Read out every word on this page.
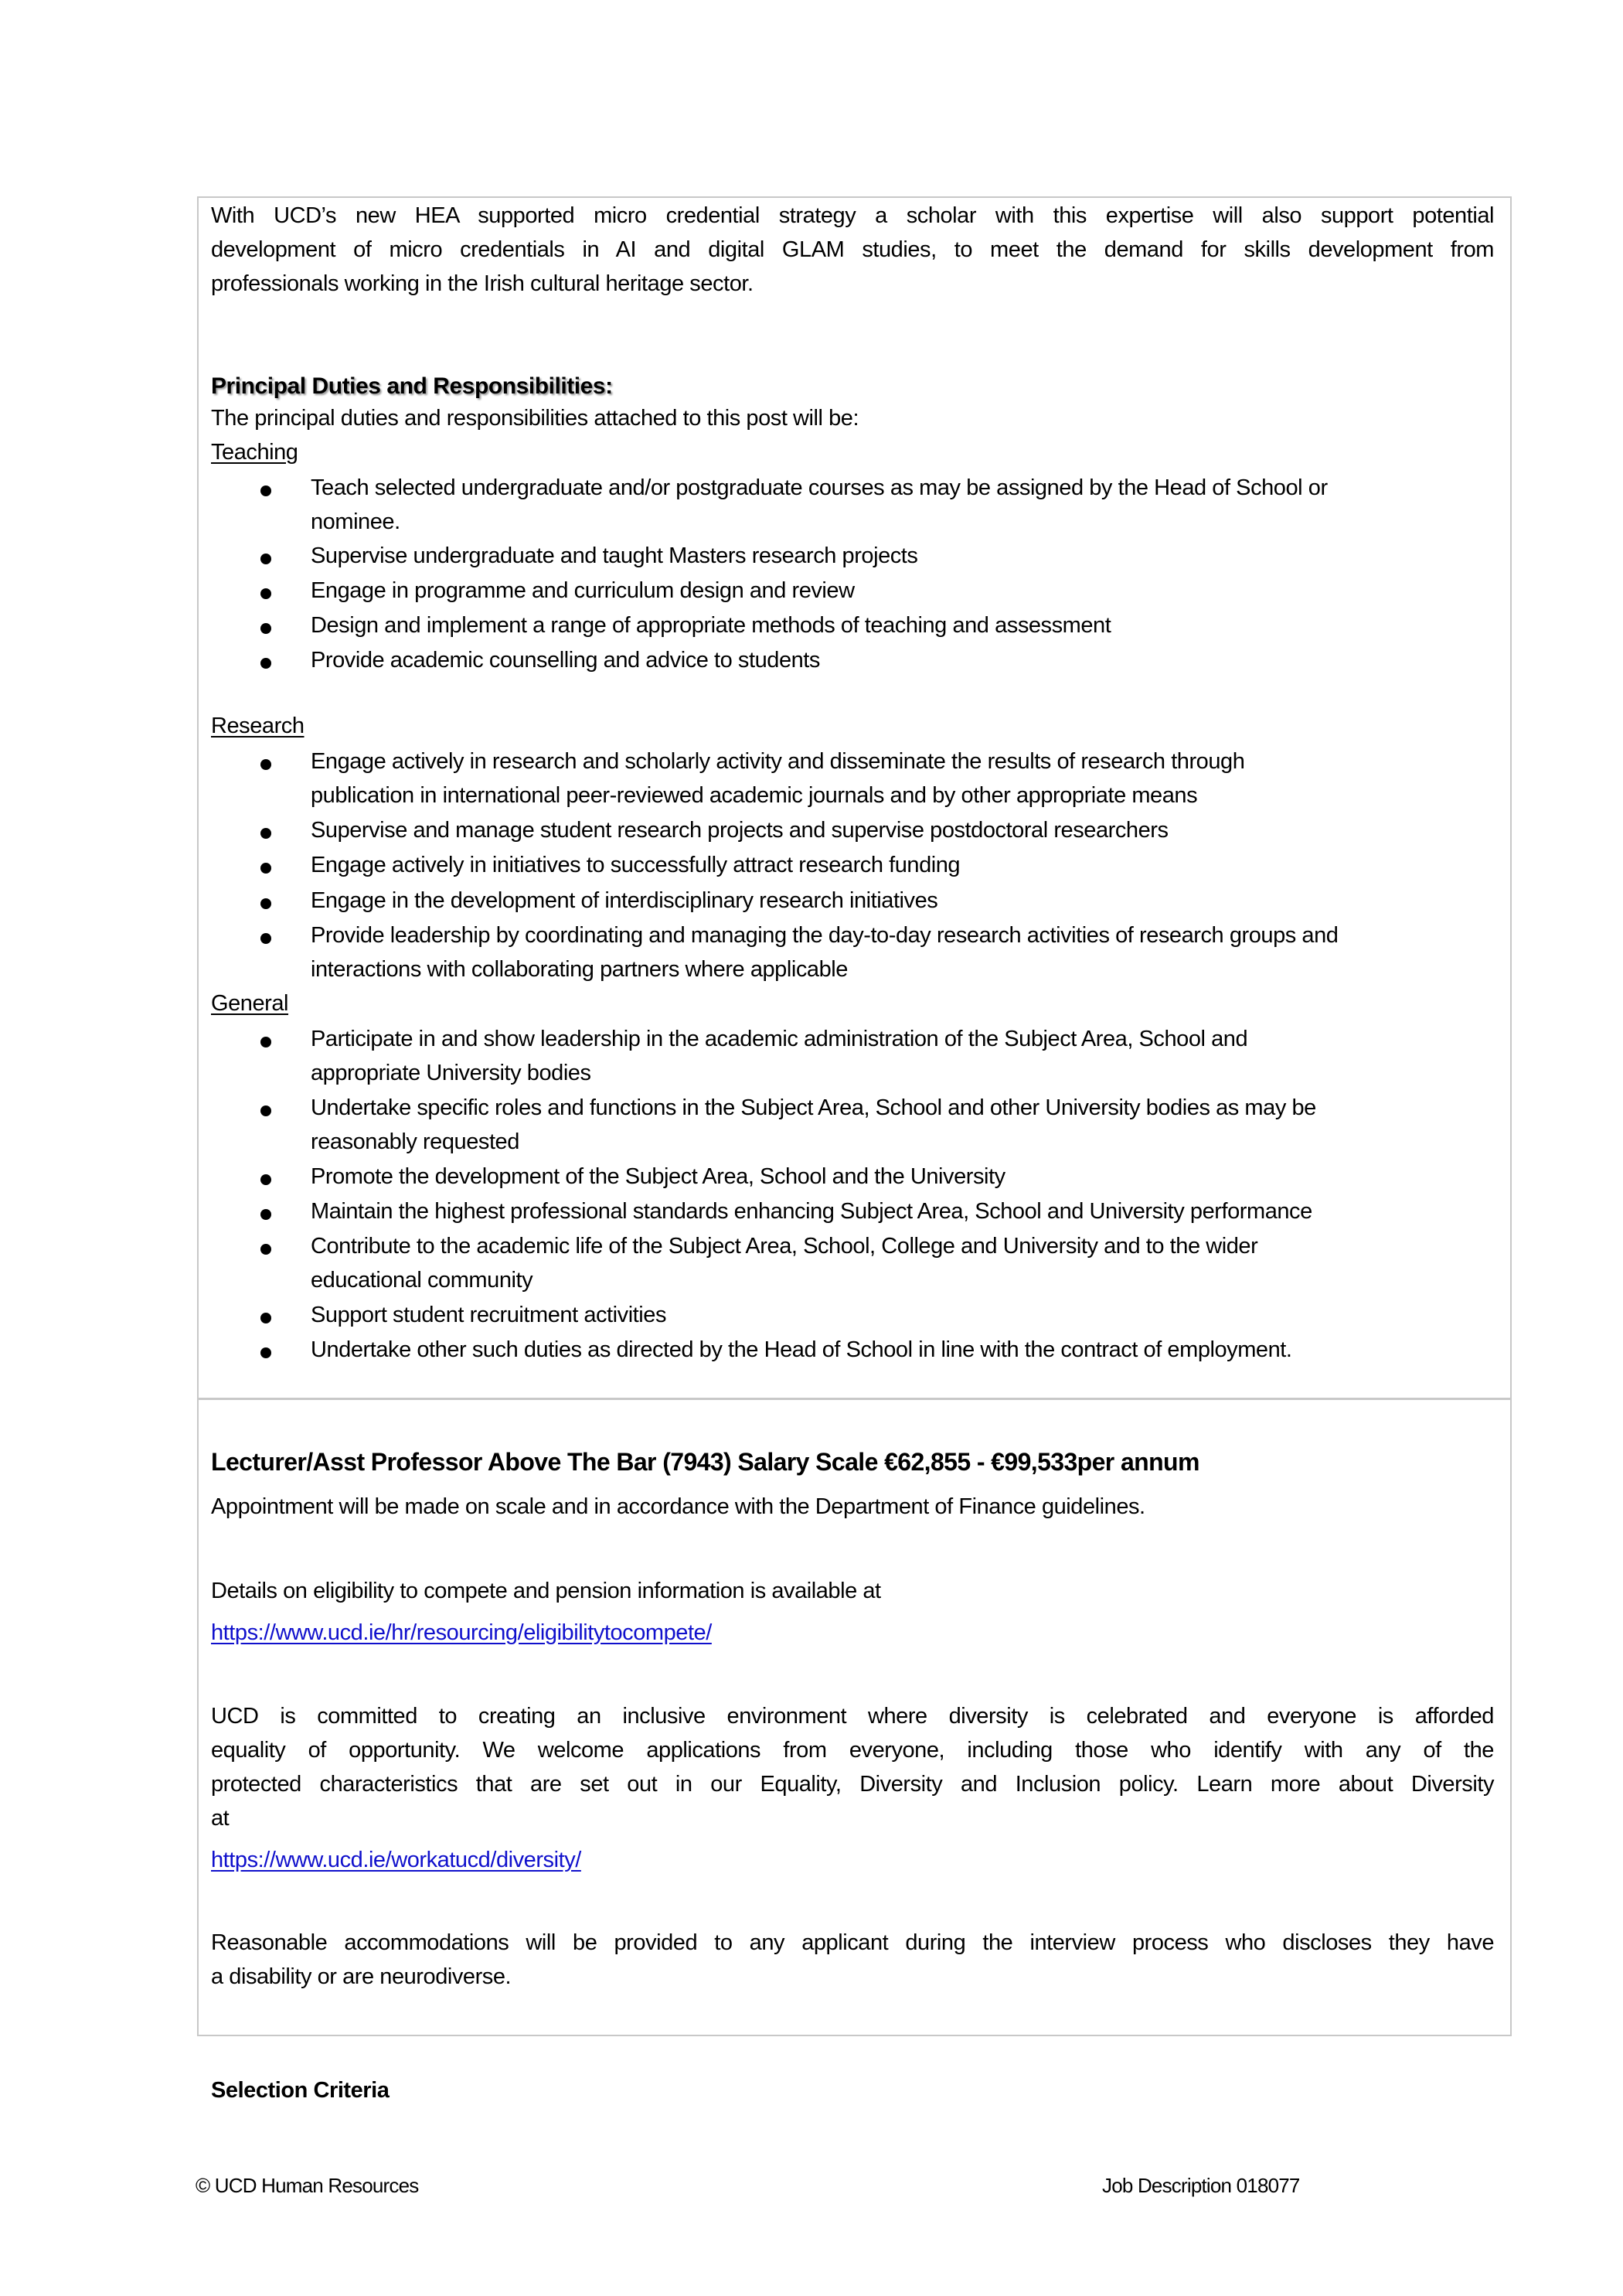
With UCD’s new HEA supported micro credential strategy a scholar with this expertise will also support potential
development of micro credentials in AI and digital GLAM studies, to meet the demand for skills development from
professionals working in the Irish cultural heritage sector.
Principal Duties and Responsibilities:
The principal duties and responsibilities attached to this post will be:
Teaching
Teach selected undergraduate and/or postgraduate courses as may be assigned by the Head of School or
nominee.
Supervise undergraduate and taught Masters research projects
Engage in programme and curriculum design and review
Design and implement a range of appropriate methods of teaching and assessment
Provide academic counselling and advice to students
Research
Engage actively in research and scholarly activity and disseminate the results of research through
publication in international peer-reviewed academic journals and by other appropriate means
Supervise and manage student research projects and supervise postdoctoral researchers
Engage actively in initiatives to successfully attract research funding
Engage in the development of interdisciplinary research initiatives
Provide leadership by coordinating and managing the day-to-day research activities of research groups and
interactions with collaborating partners where applicable
General
Participate in and show leadership in the academic administration of the Subject Area, School and
appropriate University bodies
Undertake specific roles and functions in the Subject Area, School and other University bodies as may be
reasonably requested
Promote the development of the Subject Area, School and the University
Maintain the highest professional standards enhancing Subject Area, School and University performance
Contribute to the academic life of the Subject Area, School, College and University and to the wider
educational community
Support student recruitment activities
Undertake other such duties as directed by the Head of School in line with the contract of employment.
Lecturer/Asst Professor Above The Bar (7943) Salary Scale €62,855 - €99,533per annum
Appointment will be made on scale and in accordance with the Department of Finance guidelines.
Details on eligibility to compete and pension information is available at
https://www.ucd.ie/hr/resourcing/eligibilitytocompete/
UCD is committed to creating an inclusive environment where diversity is celebrated and everyone is afforded
equality of opportunity. We welcome applications from everyone, including those who identify with any of the
protected characteristics that are set out in our Equality, Diversity and Inclusion policy. Learn more about Diversity
at
https://www.ucd.ie/workatucd/diversity/
Reasonable accommodations will be provided to any applicant during the interview process who discloses they have
a disability or are neurodiverse.
Selection Criteria
© UCD Human Resources	Job Description 018077
